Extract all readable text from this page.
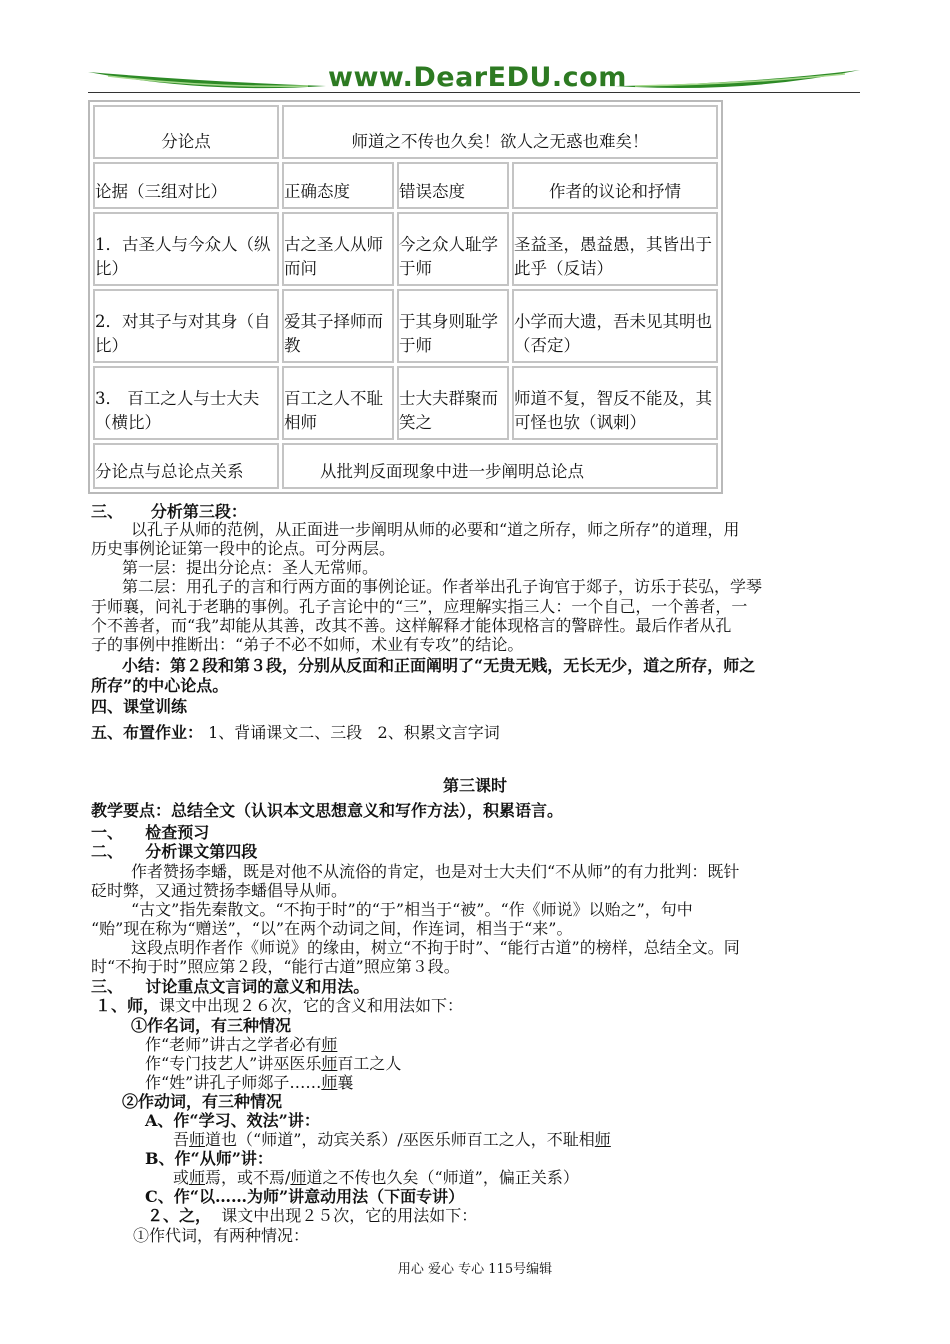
www.DearEDU.com
分论点	师道之不传也久矣！欲人之无惑也难矣！		
论据（三组对比）	正确态度	错误态度	作者的议论和抒情
1．古圣人与今众人（纵比）	古之圣人从师而问	今之众人耻学于师	圣益圣，愚益愚，其皆出于此乎（反诘）
2．对其子与对其身（自比）	爱其子择师而教	于其身则耻学于师	小学而大遗，吾未见其明也（否定）
3． 百工之人与士大夫（横比）	百工之人不耻相师	士大夫群聚而笑之	师道不复，智反不能及，其可怪也欤（讽刺）
分论点与总论点关系	从批判反面现象中进一步阐明总论点		
三、     分析第三段：
以孔子从师的范例，从正面进一步阐明从师的必要和“道之所存，师之所存”的道理，用
历史事例论证第一段中的论点。可分两层。
第一层：提出分论点：圣人无常师。
第二层：用孔子的言和行两方面的事例论证。作者举出孔子询官于郯子，访乐于苌弘，学琴
于师襄，问礼于老聃的事例。孔子言论中的“三”，应理解实指三人：一个自己，一个善者，一
个不善者，而“我”却能从其善，改其不善。这样解释才能体现格言的警辟性。最后作者从孔
子的事例中推断出：“弟子不必不如师，术业有专攻”的结论。
小结：第２段和第３段，分别从反面和正面阐明了“无贵无贱，无长无少，道之所存，师之
所存”的中心论点。
四、课堂训练
五、布置作业： 1、背诵课文二、三段   2、积累文言字词
第三课时
教学要点：总结全文（认识本文思想意义和写作方法），积累语言。
一、    检查预习
二、    分析课文第四段
作者赞扬李蟠，既是对他不从流俗的肯定，也是对士大夫们“不从师”的有力批判：既针
砭时弊，又通过赞扬李蟠倡导从师。
“古文”指先秦散文。“不拘于时”的“于”相当于“被”。“作《师说》以贻之”，句中
“贻”现在称为“赠送”，“以”在两个动词之间，作连词，相当于“来”。
这段点明作者作《师说》的缘由，树立“不拘于时”、“能行古道”的榜样，总结全文。同
时“不拘于时”照应第２段，“能行古道”照应第３段。
三、    讨论重点文言词的意义和用法。
１、师，课文中出现２６次，它的含义和用法如下：
①作名词，有三种情况
作“老师”讲古之学者必有师
作“专门技艺人”讲巫医乐师百工之人
作“姓”讲孔子师郯子……师襄
②作动词，有三种情况
A、作“学习、效法”讲：
吾师道也（“师道”，动宾关系）/巫医乐师百工之人，不耻相师
B、作“从师”讲：
或师焉，或不焉/师道之不传也久矣（“师道”，偏正关系）
C、作“以……为师”讲意动用法（下面专讲）
２、之，  课文中出现２５次，它的用法如下：
①作代词，有两种情况：
用心 爱心 专心 115号编辑
